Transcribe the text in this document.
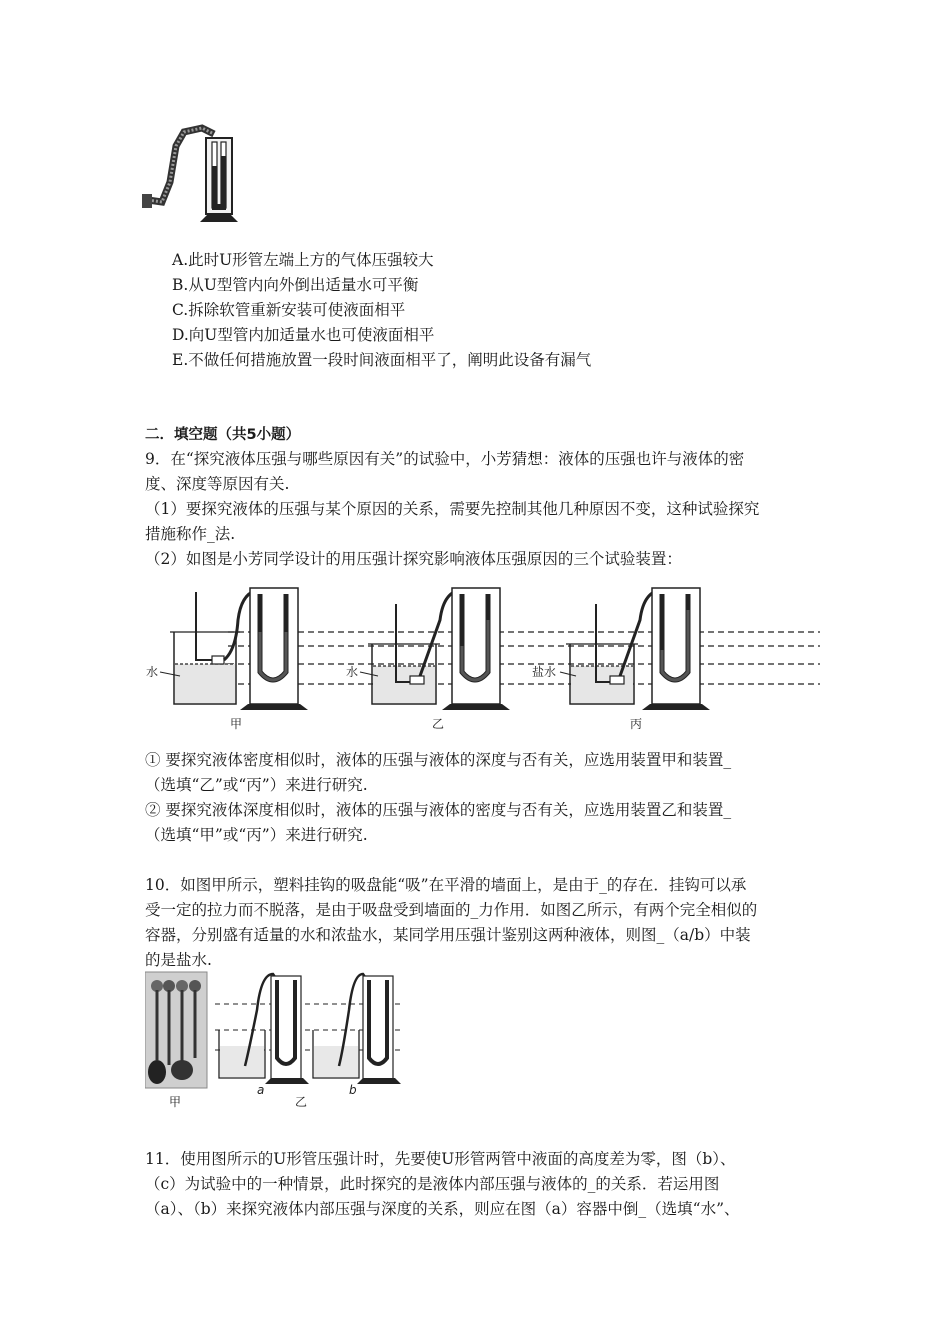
A.此时U形管左端上方的气体压强较大
B.从U型管内向外倒出适量水可平衡
C.拆除软管重新安装可使液面相平
D.向U型管内加适量水也可使液面相平
E.不做任何措施放置一段时间液面相平了，阐明此设备有漏气
二．填空题（共5小题）
9．在“探究液体压强与哪些原因有关”的试验中，小芳猜想：液体的压强也许与液体的密
度、深度等原因有关.
（1）要探究液体的压强与某个原因的关系，需要先控制其他几种原因不变，这种试验探究
措施称作_法.
（2）如图是小芳同学设计的用压强计探究影响液体压强原因的三个试验装置：
水
甲
水
乙
盐水
丙
① 要探究液体密度相似时，液体的压强与液体的深度与否有关，应选用装置甲和装置_
（选填“乙”或“丙”）来进行研究.
② 要探究液体深度相似时，液体的压强与液体的密度与否有关，应选用装置乙和装置_
（选填“甲”或“丙”）来进行研究.
10．如图甲所示，塑料挂钩的吸盘能“吸”在平滑的墙面上，是由于_的存在．挂钩可以承
受一定的拉力而不脱落，是由于吸盘受到墙面的_力作用．如图乙所示，有两个完全相似的
容器，分别盛有适量的水和浓盐水，某同学用压强计鉴别这两种液体，则图_（a/b）中装
的是盐水.
甲
a
乙
b
11．使用图所示的U形管压强计时，先要使U形管两管中液面的高度差为零，图（b）、
（c）为试验中的一种情景，此时探究的是液体内部压强与液体的_的关系．若运用图
（a）、（b）来探究液体内部压强与深度的关系，则应在图（a）容器中倒_（选填“水”、
